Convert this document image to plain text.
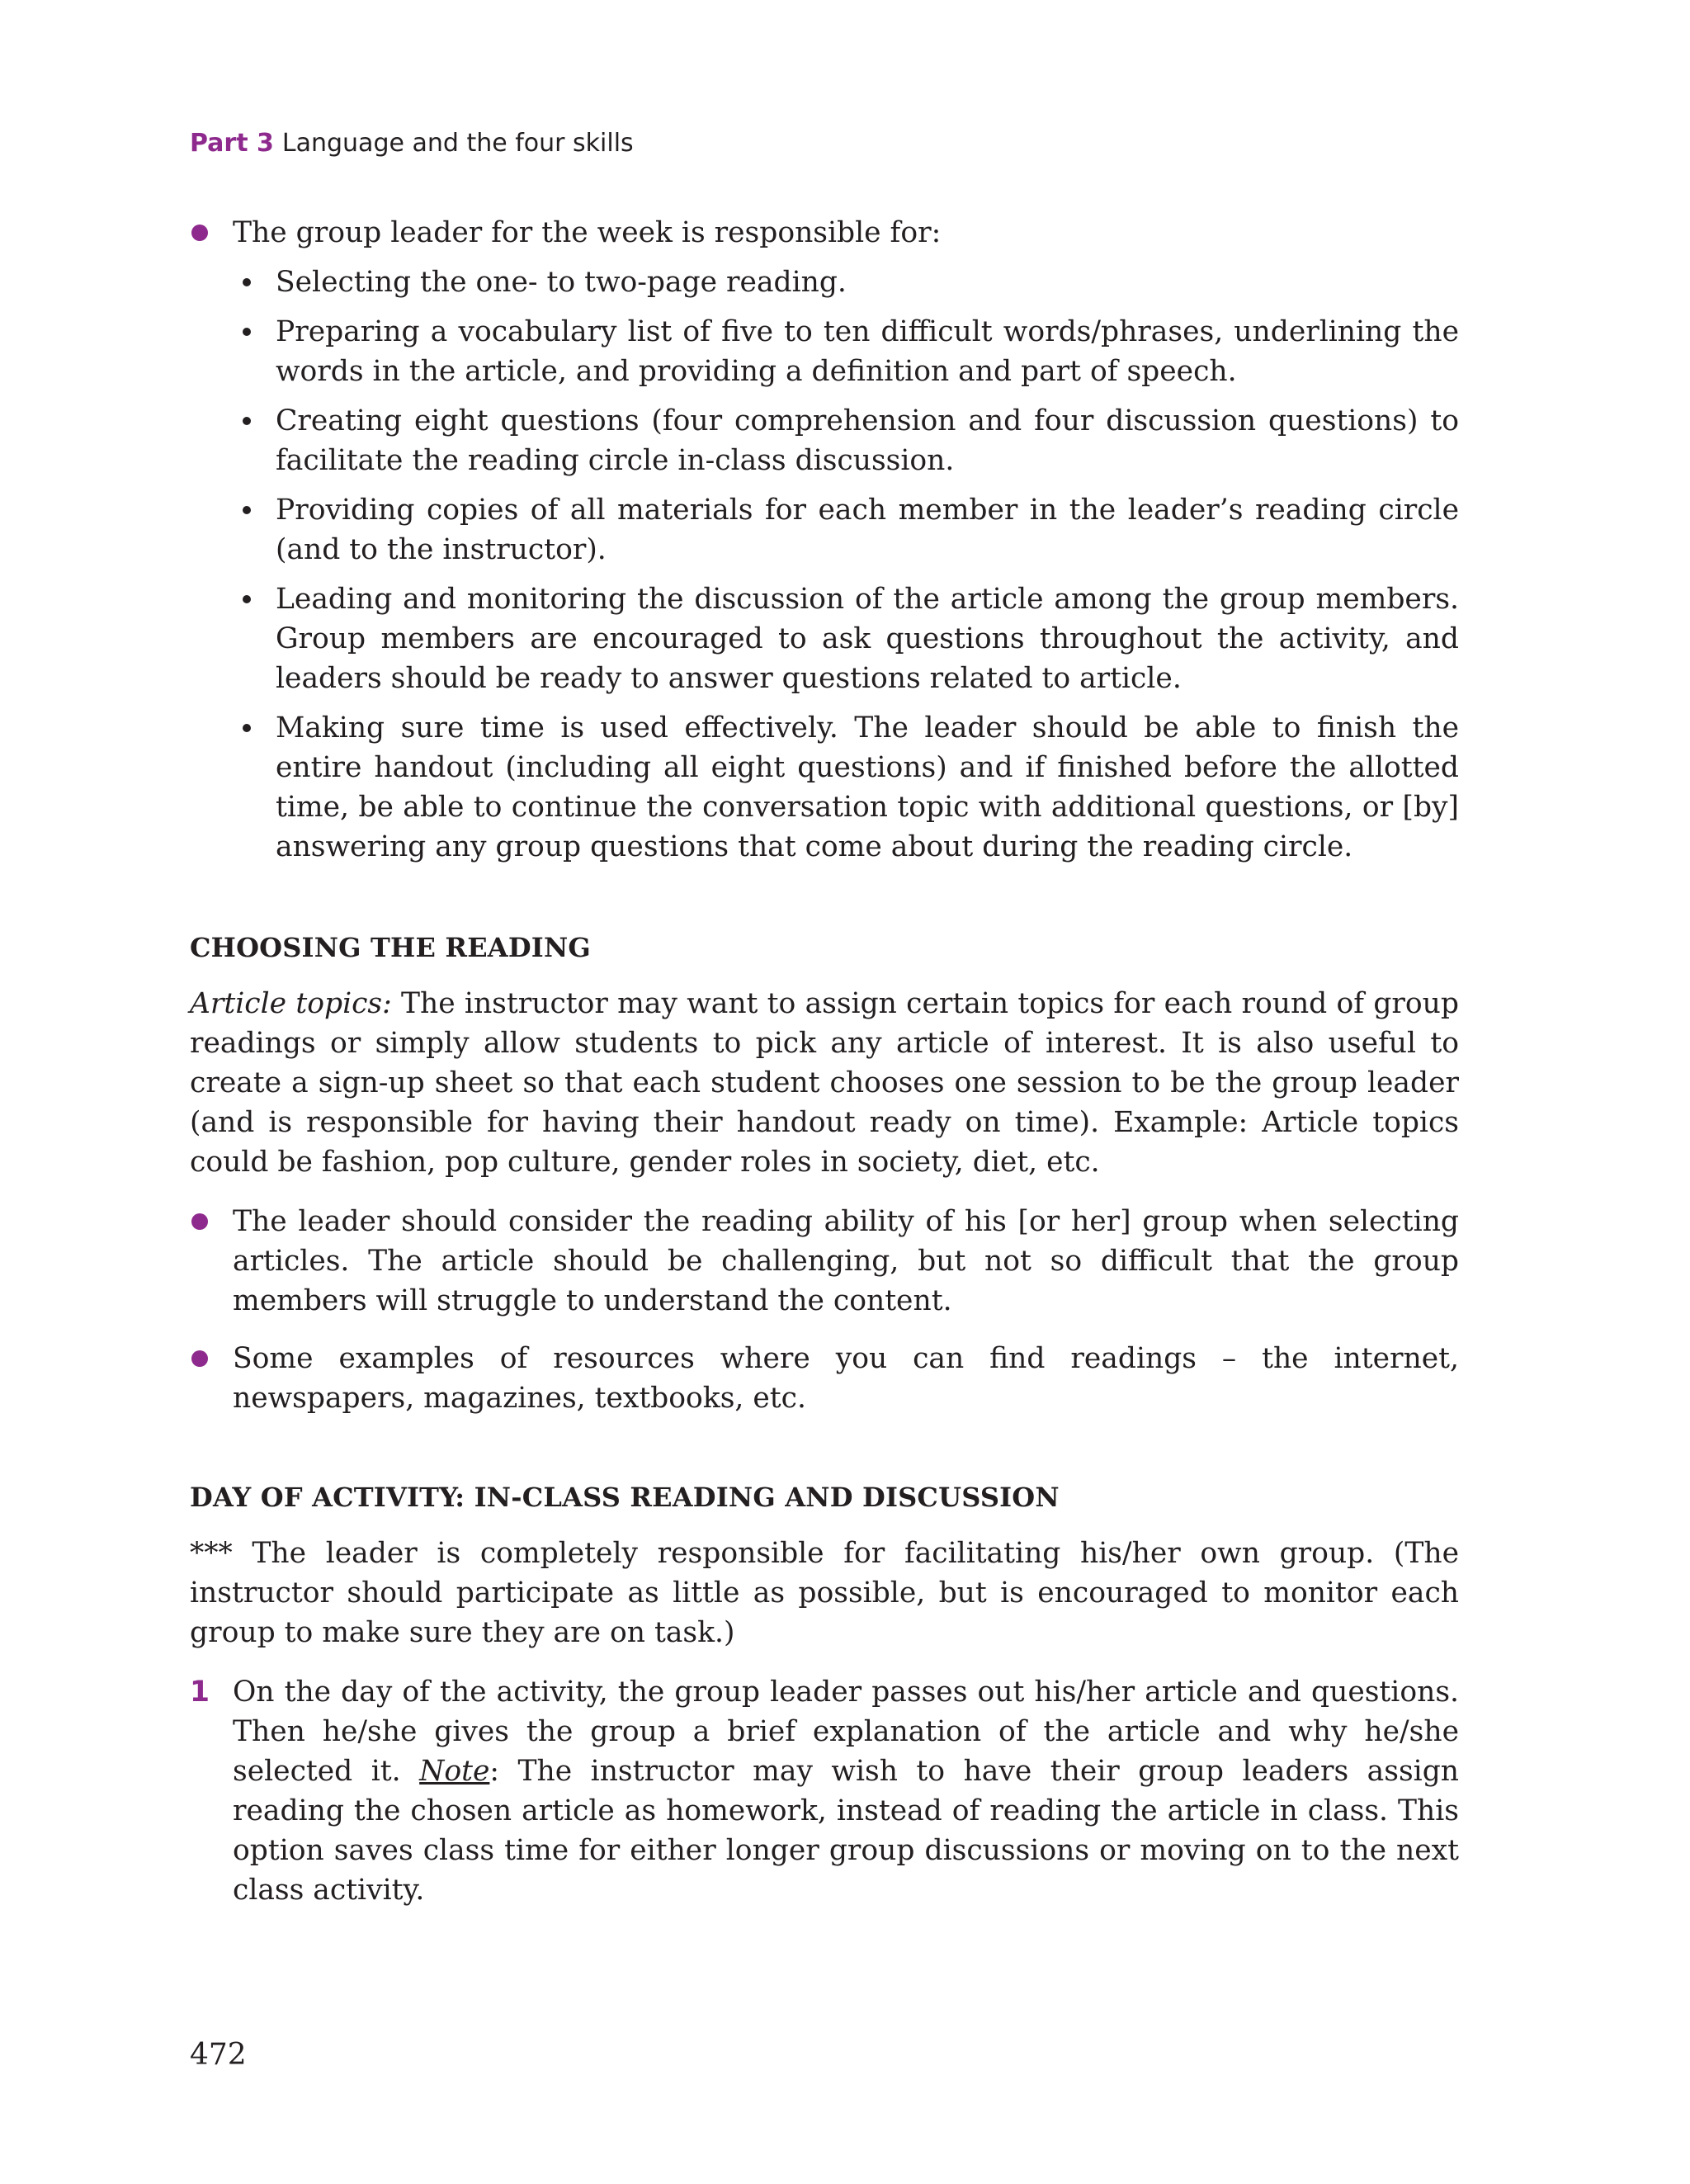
Part 3 Language and the four skills
The group leader for the week is responsible for:
Selecting the one- to two-page reading.
Preparing a vocabulary list of five to ten difficult words/phrases, underlining the words in the article, and providing a definition and part of speech.
Creating eight questions (four comprehension and four discussion questions) to facilitate the reading circle in-class discussion.
Providing copies of all materials for each member in the leader’s reading circle (and to the instructor).
Leading and monitoring the discussion of the article among the group members. Group members are encouraged to ask questions throughout the activity, and leaders should be ready to answer questions related to article.
Making sure time is used effectively. The leader should be able to finish the entire handout (including all eight questions) and if finished before the allotted time, be able to continue the conversation topic with additional questions, or [by] answering any group questions that come about during the reading circle.
CHOOSING THE READING

Article topics: The instructor may want to assign certain topics for each round of group readings or simply allow students to pick any article of interest. It is also useful to create a sign-up sheet so that each student chooses one session to be the group leader (and is responsible for having their handout ready on time). Example: Article topics could be fashion, pop culture, gender roles in society, diet, etc.

The leader should consider the reading ability of his [or her] group when selecting articles. The article should be challenging, but not so difficult that the group members will struggle to understand the content.
Some examples of resources where you can find readings – the internet, newspapers, magazines, textbooks, etc.
DAY OF ACTIVITY: IN-CLASS READING AND DISCUSSION

*** The leader is completely responsible for facilitating his/her own group. (The instructor should participate as little as possible, but is encouraged to monitor each group to make sure they are on task.)

1 On the day of the activity, the group leader passes out his/her article and questions. Then he/she gives the group a brief explanation of the article and why he/she selected it. Note: The instructor may wish to have their group leaders assign reading the chosen article as homework, instead of reading the article in class. This option saves class time for either longer group discussions or moving on to the next class activity.
472
